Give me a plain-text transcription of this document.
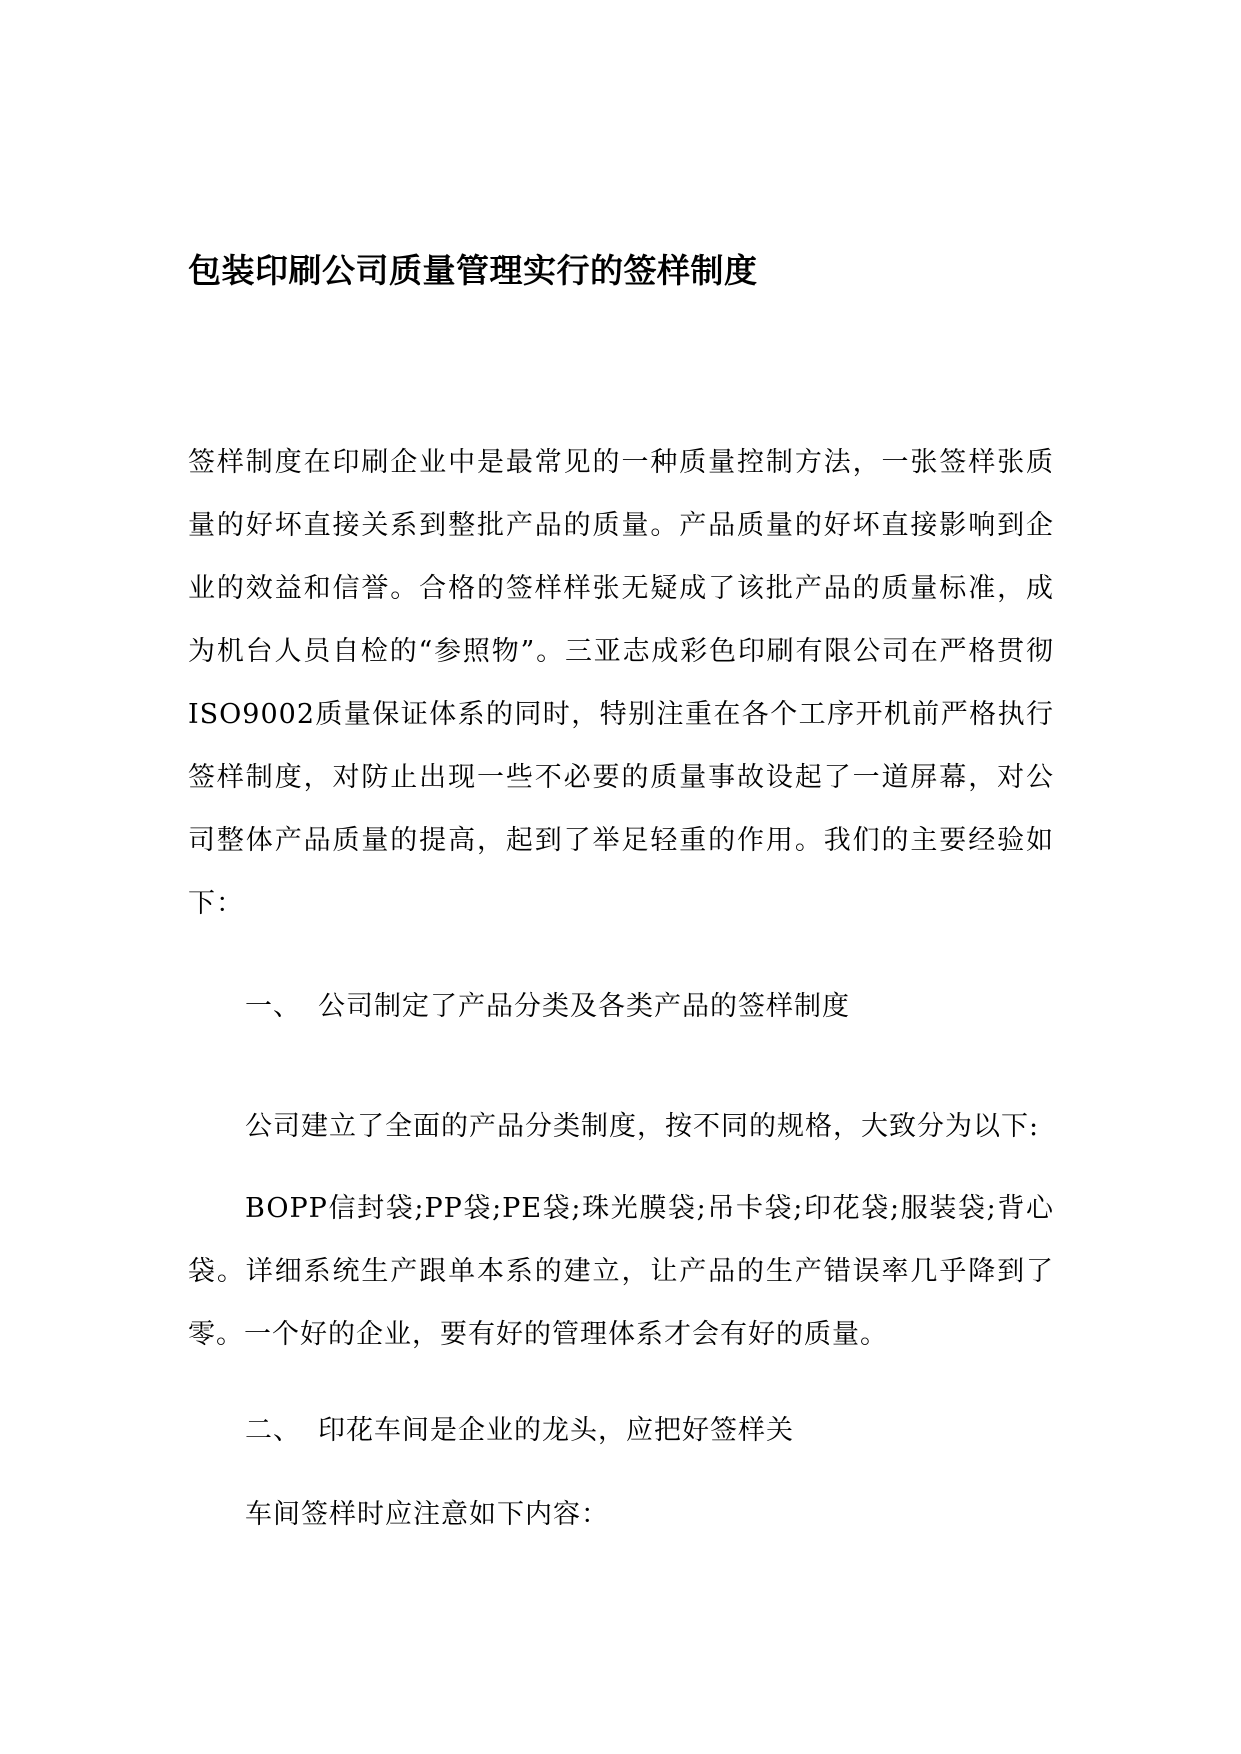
包装印刷公司质量管理实行的签样制度

签样制度在印刷企业中是最常见的一种质量控制方法，一张签样张质量的好坏直接关系到整批产品的质量。产品质量的好坏直接影响到企业的效益和信誉。合格的签样样张无疑成了该批产品的质量标准，成为机台人员自检的“参照物”。三亚志成彩色印刷有限公司在严格贯彻ISO9002质量保证体系的同时，特别注重在各个工序开机前严格执行签样制度，对防止出现一些不必要的质量事故设起了一道屏幕，对公司整体产品质量的提高，起到了举足轻重的作用。我们的主要经验如下：

一、 公司制定了产品分类及各类产品的签样制度

公司建立了全面的产品分类制度，按不同的规格，大致分为以下:

BOPP信封袋;PP袋;PE袋;珠光膜袋;吊卡袋;印花袋;服装袋;背心袋。详细系统生产跟单本系的建立，让产品的生产错误率几乎降到了零。一个好的企业，要有好的管理体系才会有好的质量。

二、 印花车间是企业的龙头，应把好签样关

车间签样时应注意如下内容：
